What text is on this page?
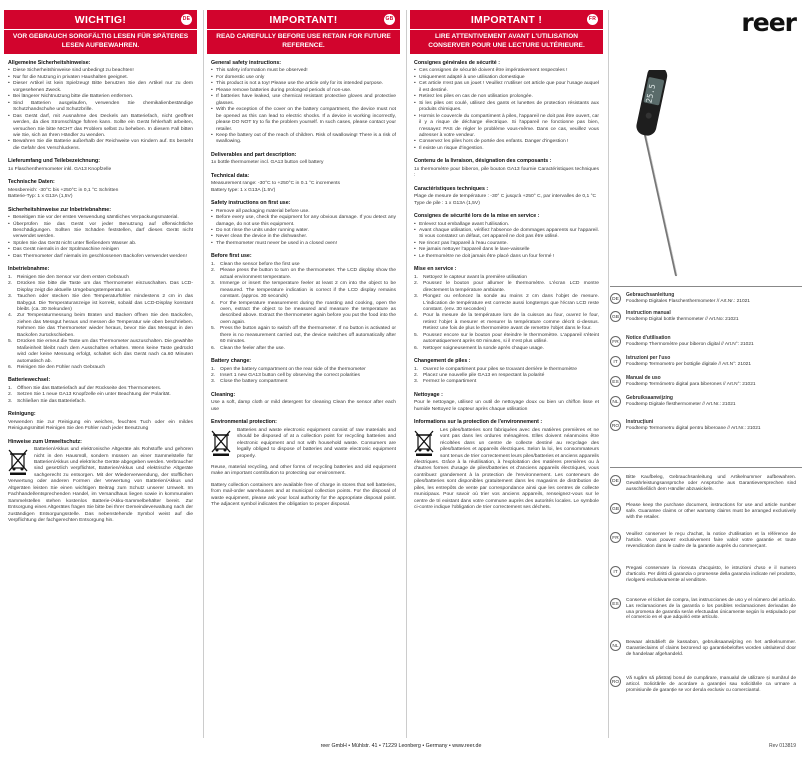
WICHTIG!	DE
VOR GEBRAUCH SORGFÄLTIG LESEN FÜR SPÄTERES LESEN AUFBEWAHREN.
Allgemeine Sicherheitshinweise:
• Diese Sicherheitshinweise sind unbedingt zu beachten!
• Nur für die Nutzung in privaten Haushalten geeignet.
• Dieser Artikel ist kein Spielzeug! Bitte benutzen Sie den Artikel nur zu dem vorgesehenen Zweck.
• Bei längerer Nichtnutzung bitte die Batterien entfernen.
• Sind Batterien ausgelaufen, verwenden Sie chemikalienbeständige Schutzhandschuhe und Schutzbrille.
• Das Gerät darf, mit Ausnahme des Deckels am Batteriefach, nicht geöffnet werden, da dies Stromschläge führen kann. Sollte ein Gerät fehlerhaft arbeiten, versuchen Sie bitte NICHT das Problem selbst zu beheben. In diesem Fall bitten wie Sie, sich an Ihren Händler zu wenden.
• Bewahren Sie die Batterie außerhalb der Reichweite von Kindern auf. Es besteht die Gefahr des Verschluckens.
Lieferumfang und Teilebezeichnung:

1x Flaschenthermometer inkl. GA13 Knopfzelle

Technische Daten:

Messbereich: -30°C bis +250°C in 0,1 °C Schritten

Batterie-Typ: 1 x G13A (1,5V)

Sicherheitshinweise zur Inbetriebnahme:
• Beseitigen Sie vor der ersten Verwendung sämtliches Verpackungsmaterial.
• Überprüfen Sie das Gerät vor jeder Benutzung auf offensichtliche Beschädigungen. Sollten Sie Schäden feststellen, darf dieses Gerät nicht verwendet werden.
• Spülen Sie das Gerät nicht unter fließendem Wasser ab.
• Das Gerät niemals in der Spülmaschine reinigen
• Das Thermometer darf niemals im geschlossenen Backofen verwendet werden!
Inbetriebnahme:
Reinigen Sie den Sensor vor dem ersten Gebrauch
Drücken Sie bitte die Taste um das Thermometer einzuschalten. Das LCD-Display zeigt die aktuelle Umgebungstemperatur an.
Tauchen oder stecken Sie den Temperaturfühler mindestens 2 cm in das Babygut. Die Temperaturanzeige ist korrekt, sobald das LCD-Display konstant bleibt. (ca. 30 Sekunden)
Zur Temperaturmessung beim Braten und Backen öffnen Sie den Backofen, ziehen das Messgut heraus und messen die Temperatur wie oben beschrieben. Nehmen Sie das Thermometer wieder heraus, bevor Sie das Messgut in den Backofen zurückschieben.
Drücken Sie erneut die Taste um das Thermometer auszuschalten. Die gewählte Maßeinheit bleibt nach dem Ausschalten erhalten. Wenn keine Taste gedrückt wird oder keine Messung erfolgt, schaltet sich das Gerät nach ca.60 Minuten automatisch ab.
Reinigen Sie den Fühler nach Gebrauch
Batteriewechsel:
Öffnen Sie das Batteriefach auf der Rückseite des Thermometers.
Setzen Sie 1 neue GA13 Knopfzelle ein unter Beachtung der Polarität.
Schließen Sie das Batteriefach.
Reinigung:

Verwenden Sie zur Reinigung ein weiches, feuchtes Tuch oder ein mildes Reinigungsmittel Reinigen Sie den Fühler nach jeder Benutzung

Hinweise zum Umweltschutz:

Batterien/Akkus und elektronische Altgeräte als Rohstoffe und gehören nicht in den Hausmüll, sondern müssen an einer Sammelstelle für Batterien/Akkus und elektrische Geräte abgegeben werden. Verbraucher sind gesetzlich verpflichtet, Batterien/Akkus und elektrische Altgeräte sachgerecht zu entsorgen. Mit der Wiederverwendung, der stofflichen Verwertung oder anderen Formen der Verwertung von Batterien/Akkus und Altgeräten leisten Sie einen wichtigen Beitrag zum Schutz unserer Umwelt. Im Fachhandel/entsprechenden Handel, im Versandhaus liegen sowie in kommunalen Sammelstellen stehen kostenlos Batterie-/Akku-Sammelbehälter bereit. Zur Entsorgung eines Altgerätes fragen Sie bitte bei Ihrer Gemeindeverwaltung nach der zuständigen Entsorgungsstelle. Das nebenstehende Symbol weist auf die Verpflichtung der fachgerechten Entsorgung hin.

IMPORTANT!	GB
READ CAREFULLY BEFORE USE RETAIN FOR FUTURE REFERENCE.
General safety instructions:
• This safety information must be observed!
• For domestic use only
• This product is not a toy! Please use the article only for its intended purpose.
• Please remove batteries during prolonged periods of non-use.
• If batteries have leaked, use chemical resistant protective gloves and protective glasses.
• With the exception of the cover on the battery compartment, the device must not be opened as this can lead to electric shocks. If a device is working incorrectly, please DO NOT try to fix the problem yourself. In such cases, please contact your retailer.
• Keep the battery out of the reach of children. Risk of swallowing! There is a risk of swallowing.
Deliverables and part description:

1x bottle thermometer incl. GA13 button cell battery

Technical data:

Measurement range: -30°C to +250°C in 0.1 °C increments

Battery type: 1 x G13A (1.5V)

Safety instructions on first use:
• Remove all packaging material before use.
• Before every use, check the equipment for any obvious damage. If you detect any damage, do not use this equipment.
• Do not rinse the units under running water.
• Never clean the device in the dishwasher.
• The thermometer must never be used in a closed oven!
Before first use:
Clean the sensor before the first use
Please press the button to turn on the thermometer. The LCD display show the actual environment temperature.
Immerge or insert the temperature feeler at least 2 cm into the object to be measured. The temperature indication is correct if the LCD display remains constant. (approx. 30 seconds)
For the temperature measurement during the roasting and cooking, open the oven, extract the object to be measured and measure the temperature as described above. Extract the thermometer again before you put the food into the oven again.
Press the button again to switch off the thermometer. If no button is activated or there is no measurement carried out, the device switches off automatically after 60 minutes.
Clean the feeler after the use.
Battery change:
Open the battery compartment on the rear side of the thermometer
Insert 1 new GA13 button cell by observing the correct polarities
Close the battery compartment
Cleaning:

Use a soft, damp cloth or mild detergent for cleaning Clean the sensor after each use

Environmental protection:

Batteries and waste electronic equipment consist of raw materials and should be disposed of at a collection point for recycling batteries and electronic equipment and not with household waste. Consumers are legally obliged to dispose of batteries and waste electronic equipment properly.

Reuse, material recycling, and other forms of recycling batteries and old equipment make an important contribution to protecting our environment.

Battery collection containers are available free of charge in stores that sell batteries, from mail-order warehouses and at municipal collection points. For the disposal of waste equipment, please ask your local authority for the appropriate disposal point. The adjacent symbol indicates the obligation to proper disposal.

IMPORTANT !	FR
LIRE ATTENTIVEMENT AVANT L'UTILISATION CONSERVER POUR UNE LECTURE ULTÉRIEURE.
Consignes générales de sécurité :
• Ces consignes de sécurité doivent être impérativement respectées !
• Uniquement adapté à une utilisation domestique
• Cet article n'est pas un jouet ! Veuillez n'utiliser cet article que pour l'usage auquel il est destiné.
• Retirez les piles en cas de non utilisation prolongée.
• Si les piles ont coulé, utilisez des gants et lunettes de protection résistants aux produits chimiques.
• Hormis le couvercle du compartiment à piles, l'appareil ne doit pas être ouvert, car il y a risque de décharge électrique. Si l'appareil ne fonctionne pas bien, n'essayez PAS de régler le problème vous-même. Dans ce cas, veuillez vous adresser à votre vendeur.
• Conservez les piles hors de portée des enfants. Danger d'ingestion !
• Il existe un risque d'ingestion.
Contenu de la livraison, désignation des composants :

1x thermomètre pour biberon, pile bouton GA13 fournie Caractéristiques techniques :

Caractéristiques techniques :

Plage de mesure de température : -30° C jusqu'à +250° C, par intervalles de 0,1 °C

Type de pile : 1 x G13A (1,5V)

Consignes de sécurité lors de la mise en service :
• Enlevez tout emballage avant l'utilisation.
• Avant chaque utilisation, vérifiez l'absence de dommages apparents sur l'appareil. Si vous constatez un défaut, cet appareil ne doit pas être utilisé.
• Ne rincez pas l'appareil à l'eau courante.
• Ne jamais nettoyer l'appareil dans le lave-vaisselle
• Le thermomètre ne doit jamais être placé dans un four fermé !
Mise en service :
Nettoyez le capteur avant la première utilisation
Poussez le bouton pour allumer le thermomètre. L'écran LCD montre directement la température ambiante.
Plongez ou enfoncez la sonde au moins 2 cm dans l'objet de mesure. L'indication de température est correcte aussi longtemps que l'écran LCD reste constant. (env. 30 secondes)
Pour la mesure de la température lors de la cuisson au four, ouvrez le four, retirez l'objet à mesurer et mesurer la température comme décrit ci-dessus. Retirez une fois de plus le thermomètre avant de remettre l'objet dans le four.
Poussez encore sur le bouton pour éteindre le thermomètre. L'appareil s'éteint automatiquement après 60 minutes, si il n'est plus utilisé.
Nettoyer soigneusement la sonde après chaque usage.
Changement de piles :
Ouvrez le compartiment pour piles se trouvant derrière le thermomètre
Placez une nouvelle pile GA13 en respectant la polarité
Fermez le compartiment
Nettoyage :

Pour le nettoyage, utilisez un outil de nettoyage doux ou bien un chiffon lisse et humide Nettoyez le capteur après chaque utilisation

Informations sur la protection de l'environnement :

Les piles/batteries sont fabriquées avec des matières premières et ne vont pas dans les ordures ménagères. Elles doivent néanmoins être récoltées dans un centre de collecte destiné au recyclage des piles/batteries et appareils électriques. Selon la loi, les consommateurs sont tenus de trier correctement leurs piles/batteries et anciens appareils électriques. Grâce à la réutilisation, à l'exploitation des matières premières ou à d'autres formes d'usage de piles/batteries et d'anciens appareils électriques, vous contribuez grandement à la protection de l'environnement. Les conteneurs de piles/batteries sont disponibles gratuitement dans les magasins de distribution de piles, les entrepôts de vente par correspondance ainsi que les centres de collecte municipaux. Pour savoir où trier vos anciens appareils, renseignez-vous sur le centre de tri existant dans votre commune auprès des autorités locales. Le symbole ci-contre indique l'obligation de trier correctement ses déchets.

reer
25.5
DE
Gebrauchsanleitung
Foodtemp Digitales Flaschenthermometer // Art.Nr.: 21021
GB
Instruction manual
Foodtemp Digital bottle thermometer // Art.No: 21021
FR
Notice d'utilisation
Foodtemp Thermomètre pour biberon digital // Art.N°: 21021
IT
Istruzioni per l'uso
Foodtemp Termometro per bottiglie digitale // Art.N°: 21021
ES
Manual de uso
Foodtemp Termómetro digital para biberones // Art.N°: 21021
NL
Gebruiksaanwijzing
Foodtemp Digitale flesthermometer // Art.Nr.: 21021
RO
Instrucțiuni
Foodtemp Termometru digital pentru biberoane // Art.Nr.: 21021
DE
Bitte Kaufbeleg, Gebrauchsanleitung und Artikelnummer aufbewahren. Gewährleistungsansprüche oder Ansprüche aus Garantieversprechen sind ausschließlich dem Händler abzuwickeln.
GB
Please keep the purchase document, instructions for use and article number safe. Guarantee claims or other warranty claims must be arranged exclusively with the retailer.
FR
Veuillez conserver le reçu d'achat, la notice d'utilisation et la référence de l'article. Vous pouvez exclusivement faire valoir votre garantie et toute revendication dans le cadre de la garantie auprès du commerçant.
IT
Pregasi conservare la ricevuta d'acquisto, le istruzioni d'uso e il numero d'articolo. Per diritti di garanzia o promesse della garanzia indicate nel prodotto, rivolgersi esclusivamente al venditore.
ES
Conserve el ticket de compra, las instrucciones de uso y el número del artículo. Las reclamaciones de la garantía o los posibles reclamaciones derivadas de una promesa de garantía serán efectuadas únicamente según lo estipulado por el comercio en el que adquirió este artículo.
NL
Bewaar alstublieft de kassabon, gebruiksaanwijzing en het artikelnummer. Garantieclaims of claims bezorend op garantiebeloftes worden uitsluitend door de handelaar afgehandeld.
RO
Vă rugăm să păstrați bonul de cumpărare, manualul de utilizare și numărul de articol. Solicitările de acordare a garanției sau solicitările ca urmare a promisiunile de garanție se vor derula exclusiv cu comerciantul.
reer GmbH • Mühlstr. 41 • 71229 Leonberg • Germany • www.reer.de	Rev 013819
